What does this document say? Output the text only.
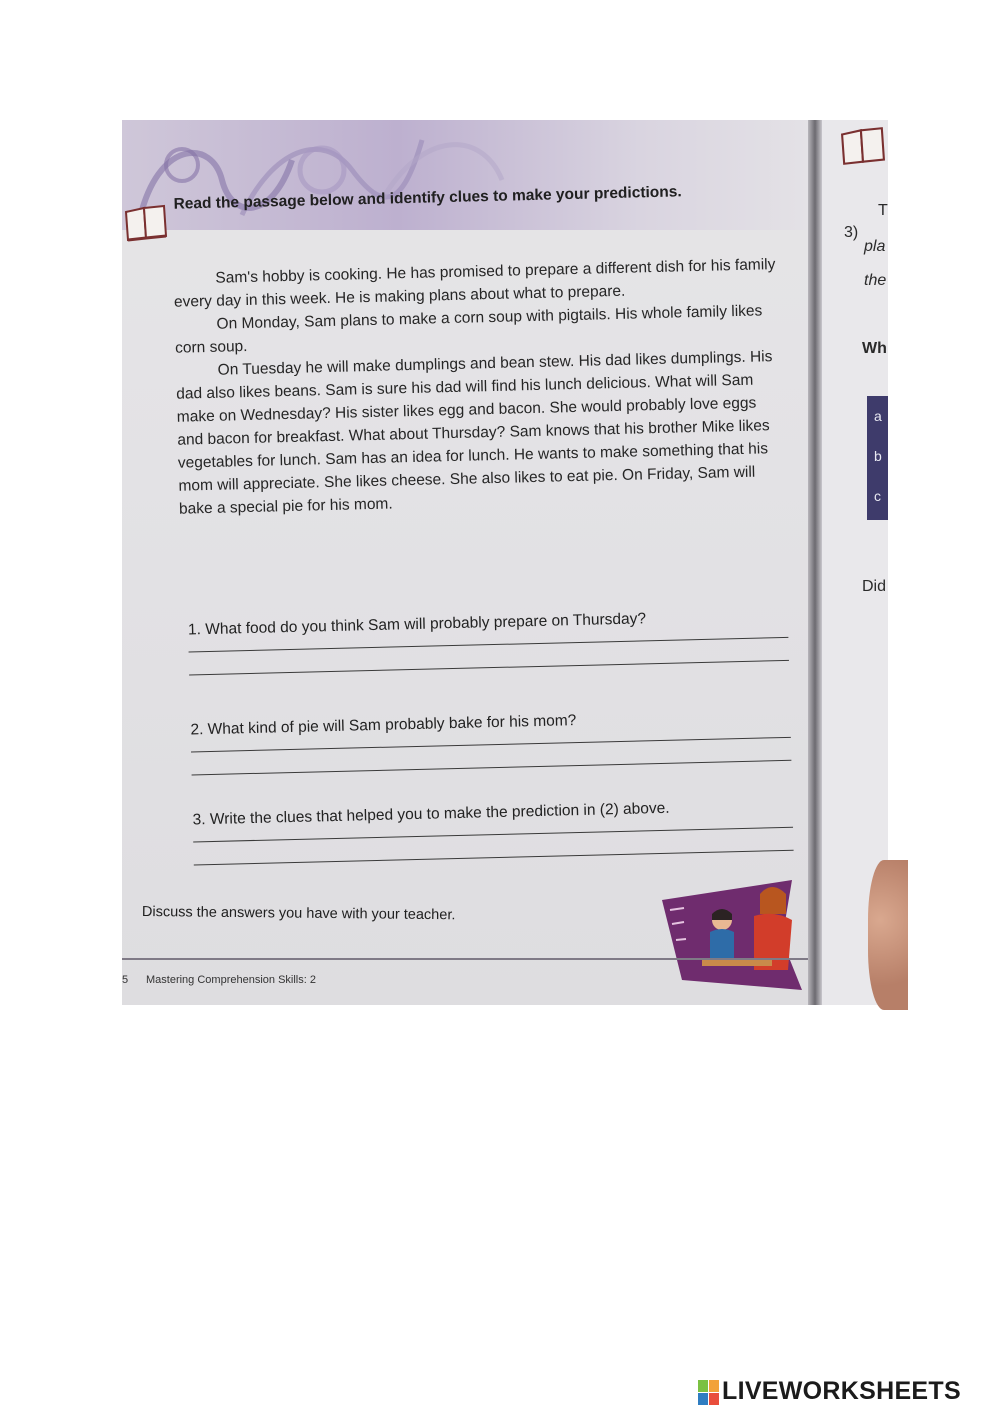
Read the passage below and identify clues to make your predictions.

Sam's hobby is cooking. He has promised to prepare a different dish for his family every day in this week. He is making plans about what to prepare.

On Monday, Sam plans to make a corn soup with pigtails. His whole family likes corn soup.

On Tuesday he will make dumplings and bean stew. His dad likes dumplings. His dad also likes beans. Sam is sure his dad will find his lunch delicious. What will Sam make on Wednesday? His sister likes egg and bacon. She would probably love eggs and bacon for breakfast. What about Thursday? Sam knows that his brother Mike likes vegetables for lunch. Sam has an idea for lunch. He wants to make something that his mom will appreciate. She likes cheese. She also likes to eat pie. On Friday, Sam will bake a special pie for his mom.

1. What food do you think Sam will probably prepare on Thursday?
2. What kind of pie will Sam probably bake for his mom?
3. Write the clues that helped you to make the prediction in (2) above.
Discuss the answers you have with your teacher.
5 Mastering Comprehension Skills: 2
3)
T
pla
the
Wh
Did
a
b
c
LIVEWORKSHEETS
